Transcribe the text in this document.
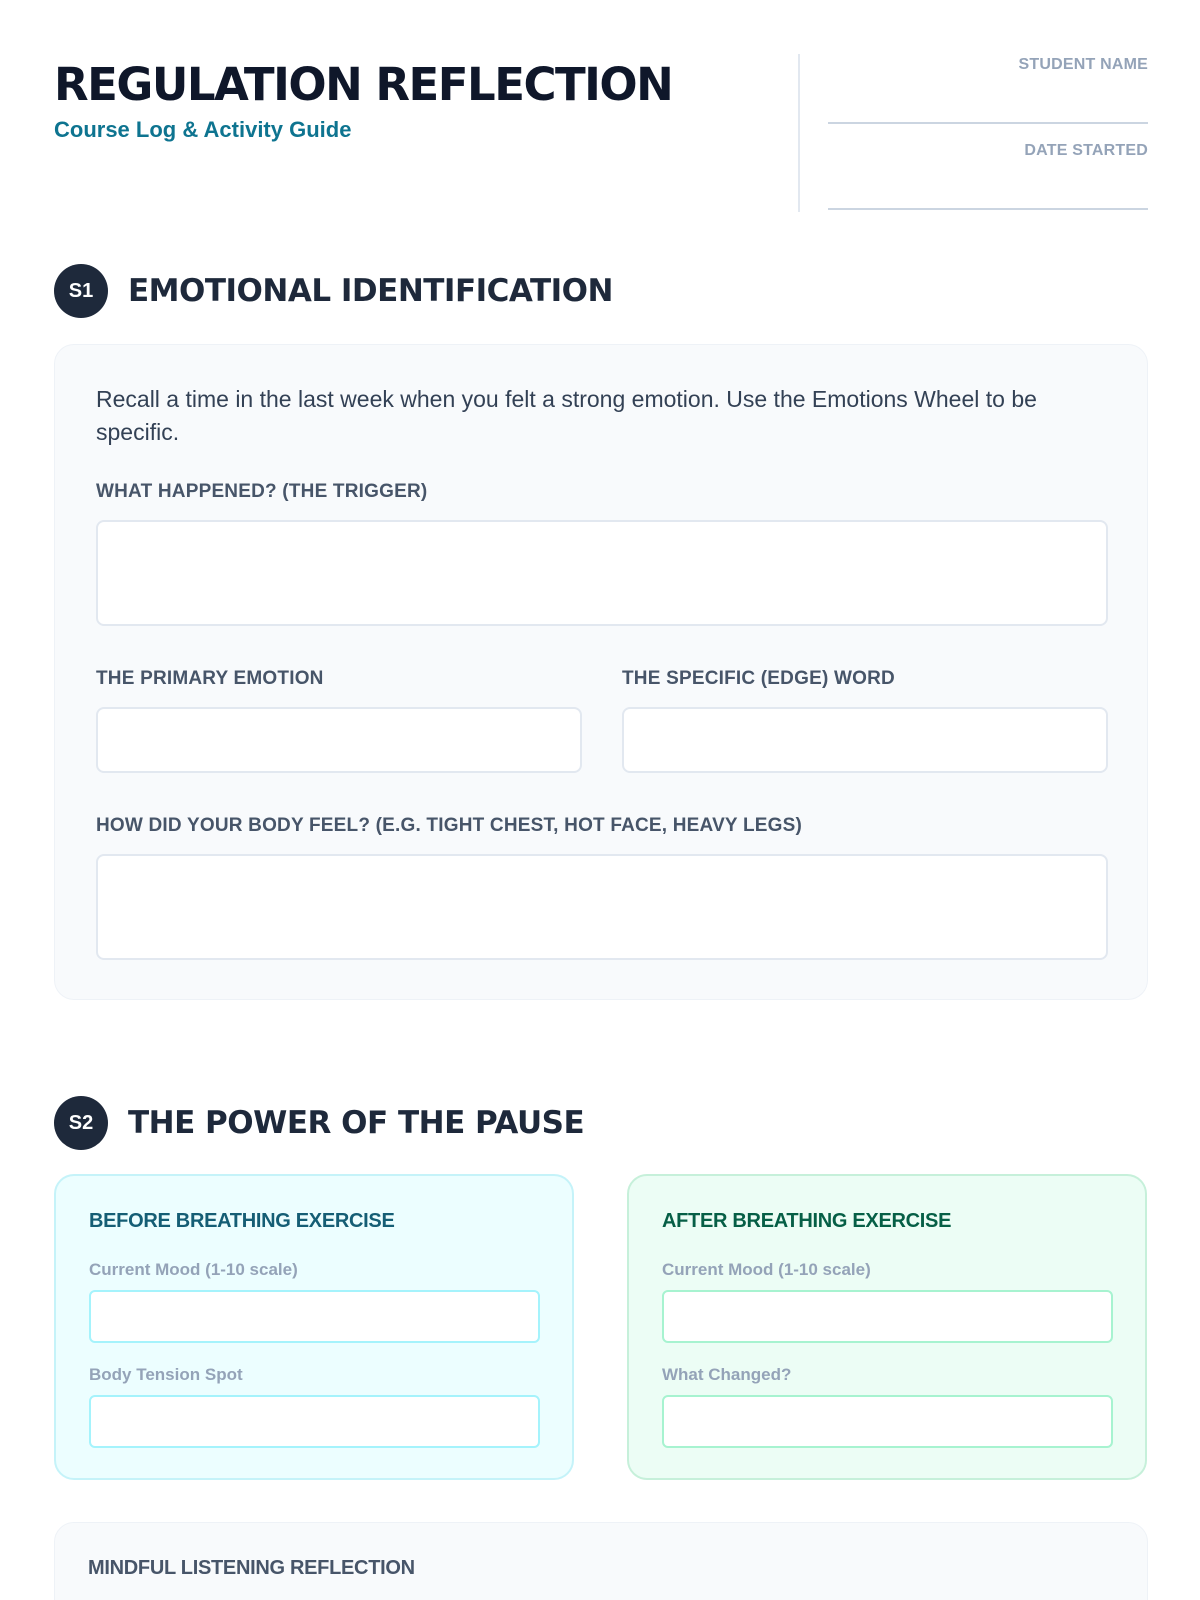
REGULATION REFLECTION
Course Log & Activity Guide
STUDENT NAME
DATE STARTED
S1	EMOTIONAL IDENTIFICATION
Recall a time in the last week when you felt a strong emotion. Use the Emotions Wheel to be specific.
WHAT HAPPENED? (THE TRIGGER)
THE PRIMARY EMOTION	THE SPECIFIC (EDGE) WORD
HOW DID YOUR BODY FEEL? (E.G. TIGHT CHEST, HOT FACE, HEAVY LEGS)
S2	THE POWER OF THE PAUSE
BEFORE BREATHING EXERCISE
Current Mood (1-10 scale)
Body Tension Spot
AFTER BREATHING EXERCISE
Current Mood (1-10 scale)
What Changed?
MINDFUL LISTENING REFLECTION
